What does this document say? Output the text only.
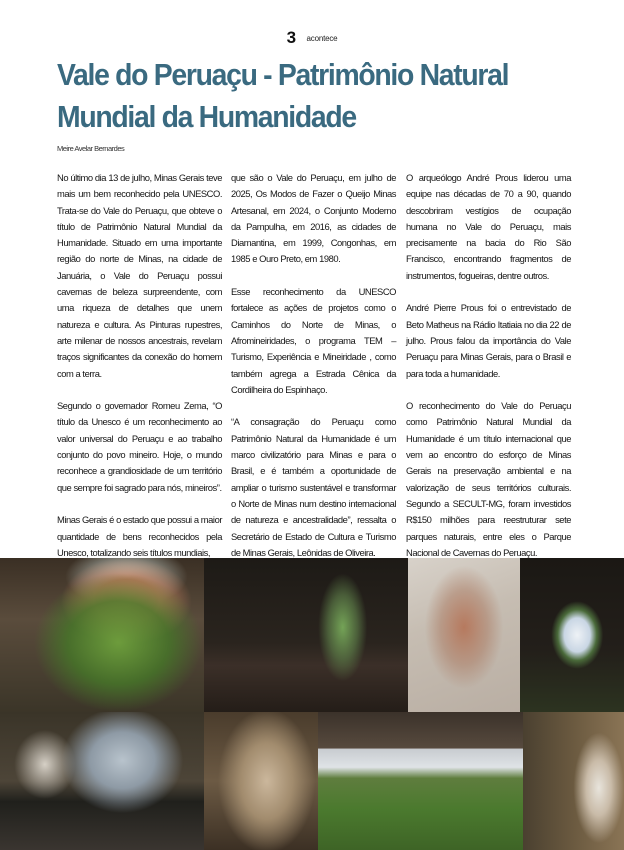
3 acontece
Vale do Peruaçu - Patrimônio Natural
Mundial da Humanidade
Meire Avelar Bernardes

No último dia 13 de julho, Minas Gerais teve mais um bem reconhecido pela UNESCO. Trata-se do Vale do Peruaçu, que obteve o título de Patrimônio Natural Mundial da Humanidade. Situado em uma importante região do norte de Minas, na cidade de Januária, o Vale do Peruaçu possui cavernas de beleza surpreendente, com uma riqueza de detalhes que unem natureza e cultura. As Pinturas rupestres, arte milenar de nossos ancestrais, revelam traços significantes da conexão do homem com a terra.

Segundo o governador Romeu Zema, “O título da Unesco é um reconhecimento ao valor universal do Peruaçu e ao trabalho conjunto do povo mineiro. Hoje, o mundo reconhece a grandiosidade de um território que sempre foi sagrado para nós, mineiros”.

Minas Gerais é o estado que possui a maior quantidade de bens reconhecidos pela Unesco, totalizando seis títulos mundiais,

que são o Vale do Peruaçu, em julho de 2025, Os Modos de Fazer o Queijo Minas Artesanal, em 2024, o Conjunto Moderno da Pampulha, em 2016, as cidades de Diamantina, em 1999, Congonhas, em 1985 e Ouro Preto, em 1980.

Esse reconhecimento da UNESCO fortalece as ações de projetos como o Caminhos do Norte de Minas, o Afromineiridades, o programa TEM – Turismo, Experiência e Mineiridade , como também agrega a Estrada Cênica da Cordilheira do Espinhaço.

“A consagração do Peruaçu como Patrimônio Natural da Humanidade é um marco civilizatório para Minas e para o Brasil, e é também a oportunidade de ampliar o turismo sustentável e transformar o Norte de Minas num destino internacional de natureza e ancestralidade”, ressalta o Secretário de Estado de Cultura e Turismo de Minas Gerais, Leônidas de Oliveira.

O arqueólogo André Prous liderou uma equipe nas décadas de 70 a 90, quando descobriram vestígios de ocupação humana no Vale do Peruaçu, mais precisamente na bacia do Rio São Francisco, encontrando fragmentos de instrumentos, fogueiras, dentre outros.

André Pierre Prous foi o entrevistado de Beto Matheus na Rádio Itatiaia no dia 22 de julho. Prous falou da importância do Vale Peruaçu para Minas Gerais, para o Brasil e para toda a humanidade.

O reconhecimento do Vale do Peruaçu como Patrimônio Natural Mundial da Humanidade é um título internacional que vem ao encontro do esforço de Minas Gerais na preservação ambiental e na valorização de seus territórios culturais. Segundo a SECULT-MG, foram investidos R$150 milhões para reestruturar sete parques naturais, entre eles o Parque Nacional de Cavernas do Peruaçu.
